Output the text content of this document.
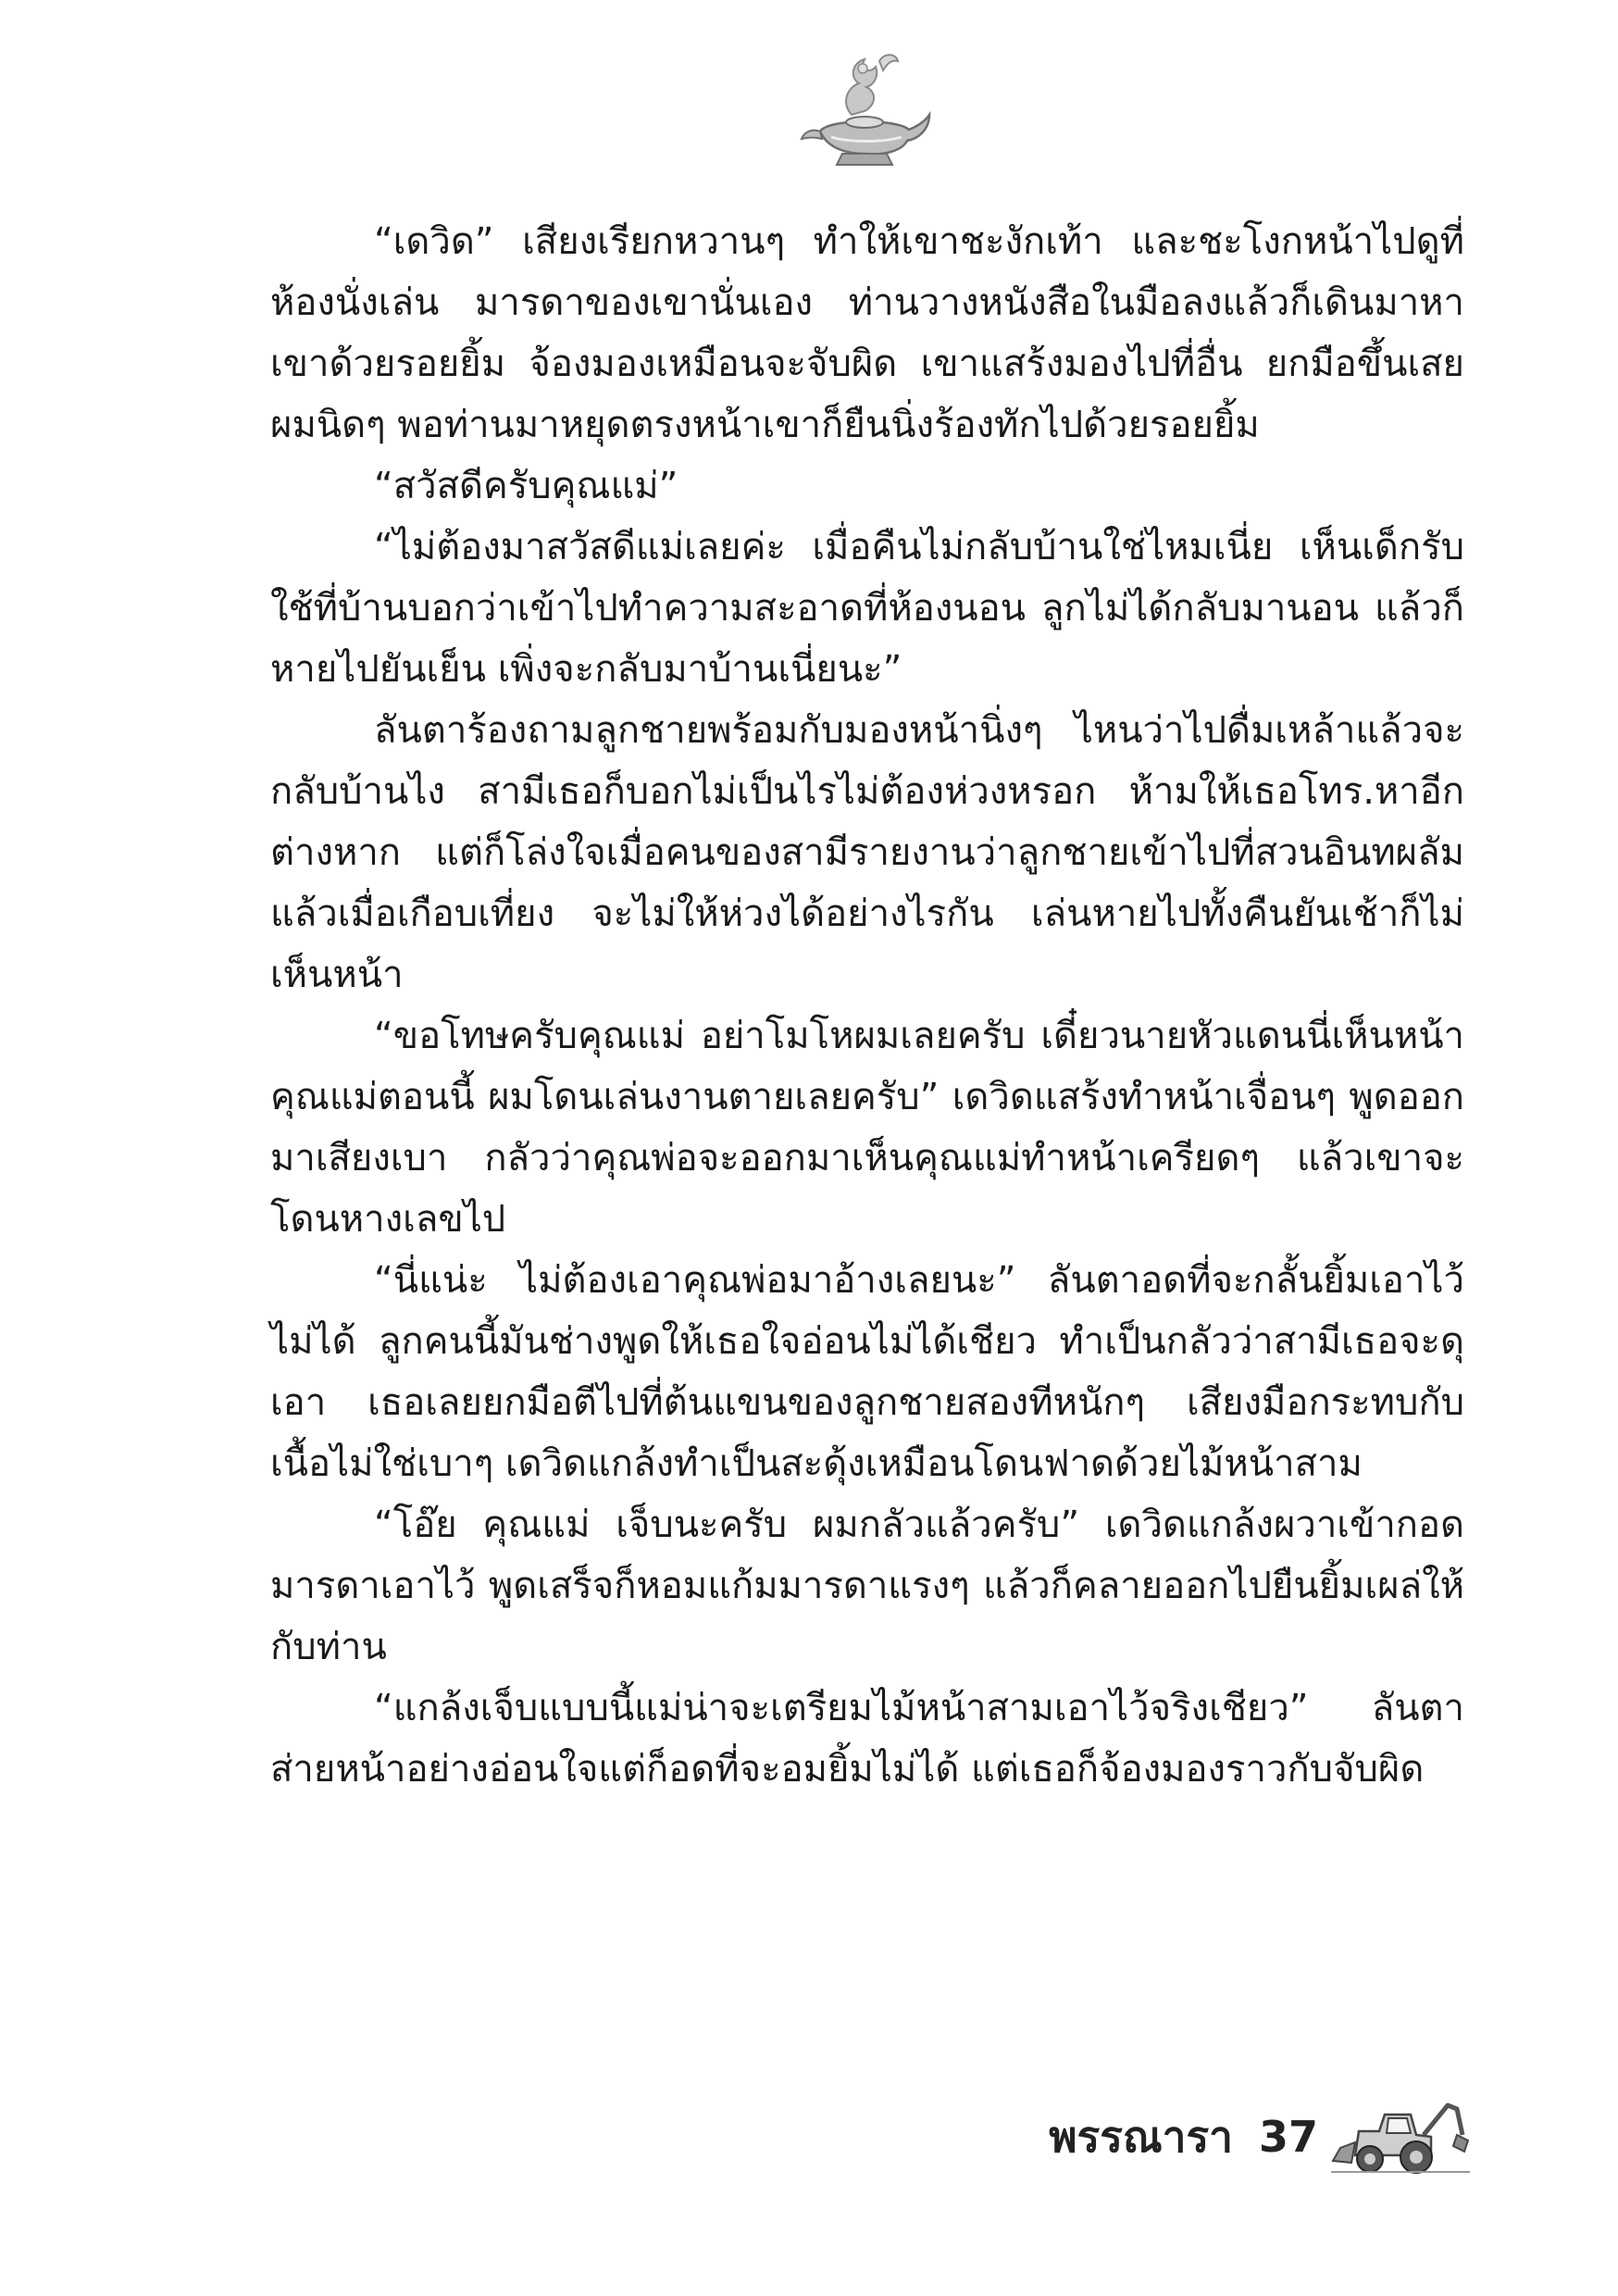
“เดวิด” เสียงเรียกหวานๆ ทำให้เขาชะงักเท้า และชะโงกหน้าไปดูที่ห้องนั่งเล่น มารดาของเขานั่นเอง ท่านวางหนังสือในมือลงแล้วก็เดินมาหาเขาด้วยรอยยิ้ม จ้องมองเหมือนจะจับผิด เขาแสร้งมองไปที่อื่น ยกมือขึ้นเสยผมนิดๆ พอท่านมาหยุดตรงหน้าเขาก็ยืนนิ่งร้องทักไปด้วยรอยยิ้ม

“สวัสดีครับคุณแม่”

“ไม่ต้องมาสวัสดีแม่เลยค่ะ เมื่อคืนไม่กลับบ้านใช่ไหมเนี่ย เห็นเด็กรับใช้ที่บ้านบอกว่าเข้าไปทำความสะอาดที่ห้องนอน ลูกไม่ได้กลับมานอน แล้วก็หายไปยันเย็น เพิ่งจะกลับมาบ้านเนี่ยนะ”

ลันตาร้องถามลูกชายพร้อมกับมองหน้านิ่งๆ ไหนว่าไปดื่มเหล้าแล้วจะกลับบ้านไง สามีเธอก็บอกไม่เป็นไรไม่ต้องห่วงหรอก ห้ามให้เธอโทร.หาอีกต่างหาก แต่ก็โล่งใจเมื่อคนของสามีรายงานว่าลูกชายเข้าไปที่สวนอินทผลัมแล้วเมื่อเกือบเที่ยง จะไม่ให้ห่วงได้อย่างไรกัน เล่นหายไปทั้งคืนยันเช้าก็ไม่เห็นหน้า

“ขอโทษครับคุณแม่ อย่าโมโหผมเลยครับ เดี๋ยวนายหัวแดนนี่เห็นหน้าคุณแม่ตอนนี้ ผมโดนเล่นงานตายเลยครับ” เดวิดแสร้งทำหน้าเจื่อนๆ พูดออกมาเสียงเบา กลัวว่าคุณพ่อจะออกมาเห็นคุณแม่ทำหน้าเครียดๆ แล้วเขาจะโดนหางเลขไป

“นี่แน่ะ ไม่ต้องเอาคุณพ่อมาอ้างเลยนะ” ลันตาอดที่จะกลั้นยิ้มเอาไว้ไม่ได้ ลูกคนนี้มันช่างพูดให้เธอใจอ่อนไม่ได้เชียว ทำเป็นกลัวว่าสามีเธอจะดุเอา เธอเลยยกมือตีไปที่ต้นแขนของลูกชายสองทีหนักๆ เสียงมือกระทบกับเนื้อไม่ใช่เบาๆ เดวิดแกล้งทำเป็นสะดุ้งเหมือนโดนฟาดด้วยไม้หน้าสาม

“โอ๊ย คุณแม่ เจ็บนะครับ ผมกลัวแล้วครับ” เดวิดแกล้งผวาเข้ากอดมารดาเอาไว้ พูดเสร็จก็หอมแก้มมารดาแรงๆ แล้วก็คลายออกไปยืนยิ้มเผล่ให้กับท่าน

“แกล้งเจ็บแบบนี้แม่น่าจะเตรียมไม้หน้าสามเอาไว้จริงเชียว” ลันตาส่ายหน้าอย่างอ่อนใจแต่ก็อดที่จะอมยิ้มไม่ได้ แต่เธอก็จ้องมองราวกับจับผิด

พรรณารา 37
